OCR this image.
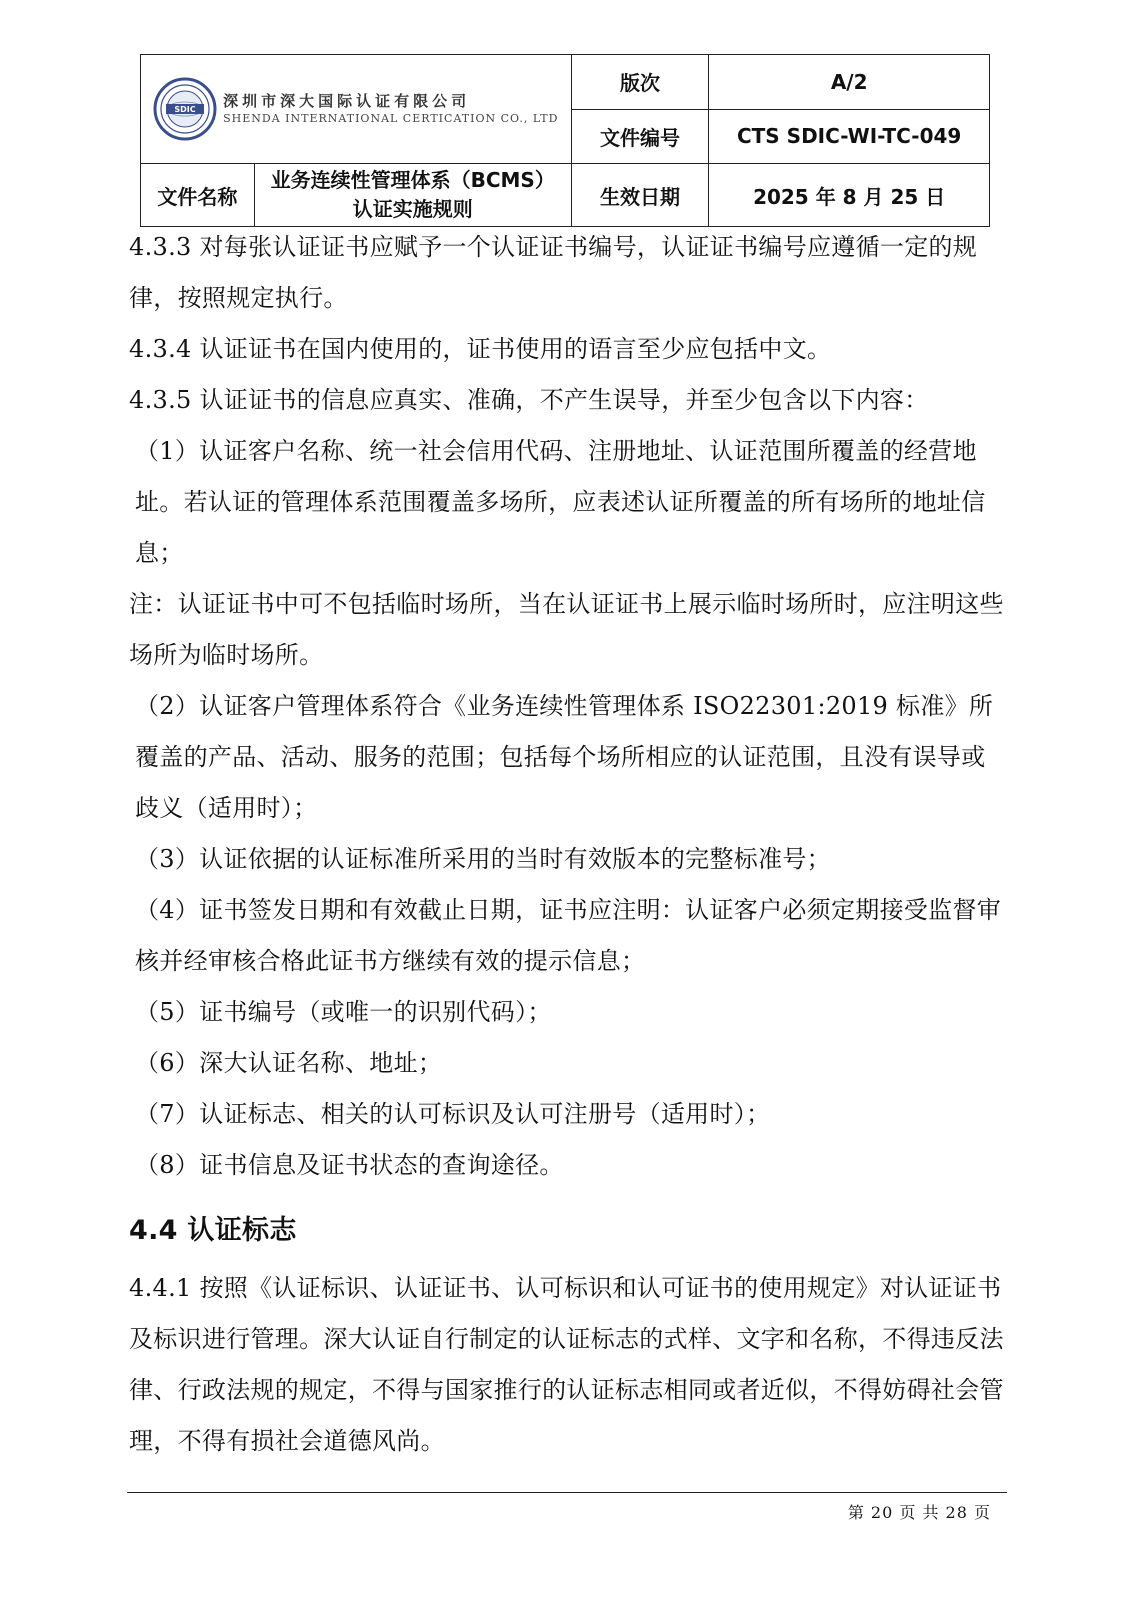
SDIC 深圳市深大国际认证有限公司
SHENDA INTERNATIONAL CERTICATION CO., LTD		版次	A/2
		文件编号	CTS SDIC-WI-TC-049
文件名称	业务连续性管理体系（BCMS）认证实施规则	生效日期	2025 年 8 月 25 日

4.3.3 对每张认证证书应赋予一个认证证书编号，认证证书编号应遵循一定的规律，按照规定执行。

4.3.4 认证证书在国内使用的，证书使用的语言至少应包括中文。

4.3.5 认证证书的信息应真实、准确，不产生误导，并至少包含以下内容：

（1）认证客户名称、统一社会信用代码、注册地址、认证范围所覆盖的经营地址。若认证的管理体系范围覆盖多场所，应表述认证所覆盖的所有场所的地址信息；

注：认证证书中可不包括临时场所，当在认证证书上展示临时场所时，应注明这些场所为临时场所。

（2）认证客户管理体系符合《业务连续性管理体系 ISO22301:2019 标准》所覆盖的产品、活动、服务的范围；包括每个场所相应的认证范围，且没有误导或歧义（适用时）；

（3）认证依据的认证标准所采用的当时有效版本的完整标准号；

（4）证书签发日期和有效截止日期，证书应注明：认证客户必须定期接受监督审核并经审核合格此证书方继续有效的提示信息；

（5）证书编号（或唯一的识别代码）；

（6）深大认证名称、地址；

（7）认证标志、相关的认可标识及认可注册号（适用时）；

（8）证书信息及证书状态的查询途径。

4.4 认证标志

4.4.1 按照《认证标识、认证证书、认可标识和认可证书的使用规定》对认证证书及标识进行管理。深大认证自行制定的认证标志的式样、文字和名称，不得违反法律、行政法规的规定，不得与国家推行的认证标志相同或者近似，不得妨碍社会管理，不得有损社会道德风尚。

第 20 页 共 28 页
